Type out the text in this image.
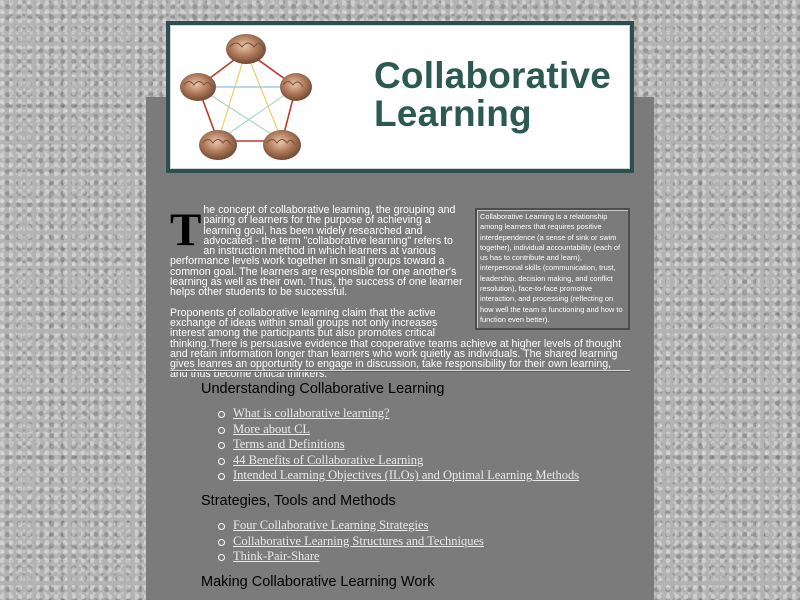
Collaborative
Learning
Collaborative Learning is a relationship among learners that requires positive interdependence (a sense of sink or swim together), individual accountability (each of us has to contribute and learn), interpersonal skills (communication, trust, leadership, decision making, and conflict resolution), face-to-face promotive interaction, and processing (reflecting on how well the team is functioning and how to function even better).

The concept of collaborative learning, the grouping and pairing of learners for the purpose of achieving a learning goal, has been widely researched and advocated - the term "collaborative learning" refers to an instruction method in which learners at various performance levels work together in small groups toward a common goal. The learners are responsible for one another's learning as well as their own. Thus, the success of one learner helps other students to be successful.

Proponents of collaborative learning claim that the active exchange of ideas within small groups not only increases interest among the participants but also promotes critical thinking.There is persuasive evidence that cooperative teams achieve at higher levels of thought and retain information longer than learners who work quietly as individuals. The shared learning gives leanres an opportunity to engage in discussion, take responsibility for their own learning, and thus become critical thinkers.

Understanding Collaborative Learning
What is collaborative learning?
More about CL
Terms and Definitions
44 Benefits of Collaborative Learning
Intended Learning Objectives (ILOs) and Optimal Learning Methods
Strategies, Tools and Methods
Four Collaborative Learning Strategies
Collaborative Learning Structures and Techniques
Think-Pair-Share
Making Collaborative Learning Work
